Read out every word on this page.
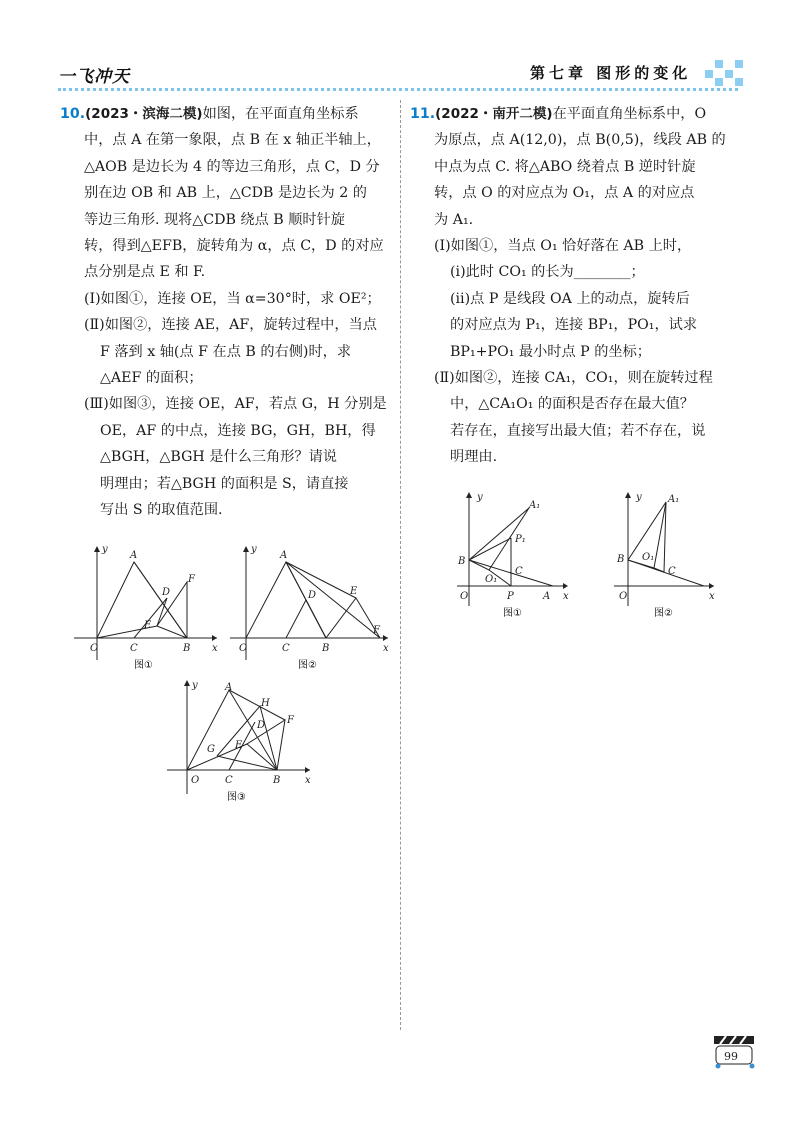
一飞冲天	第七章 图形的变化
10.(2023・滨海二模)如图，在平面直角坐标系
中，点 A 在第一象限，点 B 在 x 轴正半轴上，
△AOB 是边长为 4 的等边三角形，点 C，D 分
别在边 OB 和 AB 上，△CDB 是边长为 2 的
等边三角形. 现将△CDB 绕点 B 顺时针旋
转，得到△EFB，旋转角为 α，点 C，D 的对应
点分别是点 E 和 F.
(Ⅰ)如图①，连接 OE，当 α=30°时，求 OE²；
(Ⅱ)如图②，连接 AE，AF，旋转过程中，当点
F 落到 x 轴(点 F 在点 B 的右侧)时，求
△AEF 的面积；
(Ⅲ)如图③，连接 OE，AF，若点 G，H 分别是
OE，AF 的中点，连接 BG，GH，BH，得
△BGH，△BGH 是什么三角形？请说
明理由；若△BGH 的面积是 S，请直接
写出 S 的取值范围.
y
x
O
A
B
C
D
F
E
图①
y
x
O
A
B
C
D	E
F
图②
y
x
O
A
B
C
D
E
F
G
H
图③
11.(2022・南开二模)在平面直角坐标系中，O
为原点，点 A(12,0)，点 B(0,5)，线段 AB 的
中点为点 C. 将△ABO 绕着点 B 逆时针旋
转，点 O 的对应点为 O₁，点 A 的对应点
为 A₁.
(Ⅰ)如图①，当点 O₁ 恰好落在 AB 上时，
(ⅰ)此时 CO₁ 的长为________；
(ⅱ)点 P 是线段 OA 上的动点，旋转后
的对应点为 P₁，连接 BP₁，PO₁，试求
BP₁+PO₁ 最小时点 P 的坐标；
(Ⅱ)如图②，连接 CA₁，CO₁，则在旋转过程
中，△CA₁O₁ 的面积是否存在最大值？
若存在，直接写出最大值；若不存在，说
明理由.
y
x
O
B
A₁
P₁
O₁
C
P	A
图①
y
x
O
B
A₁
O₁
C
图②
99
